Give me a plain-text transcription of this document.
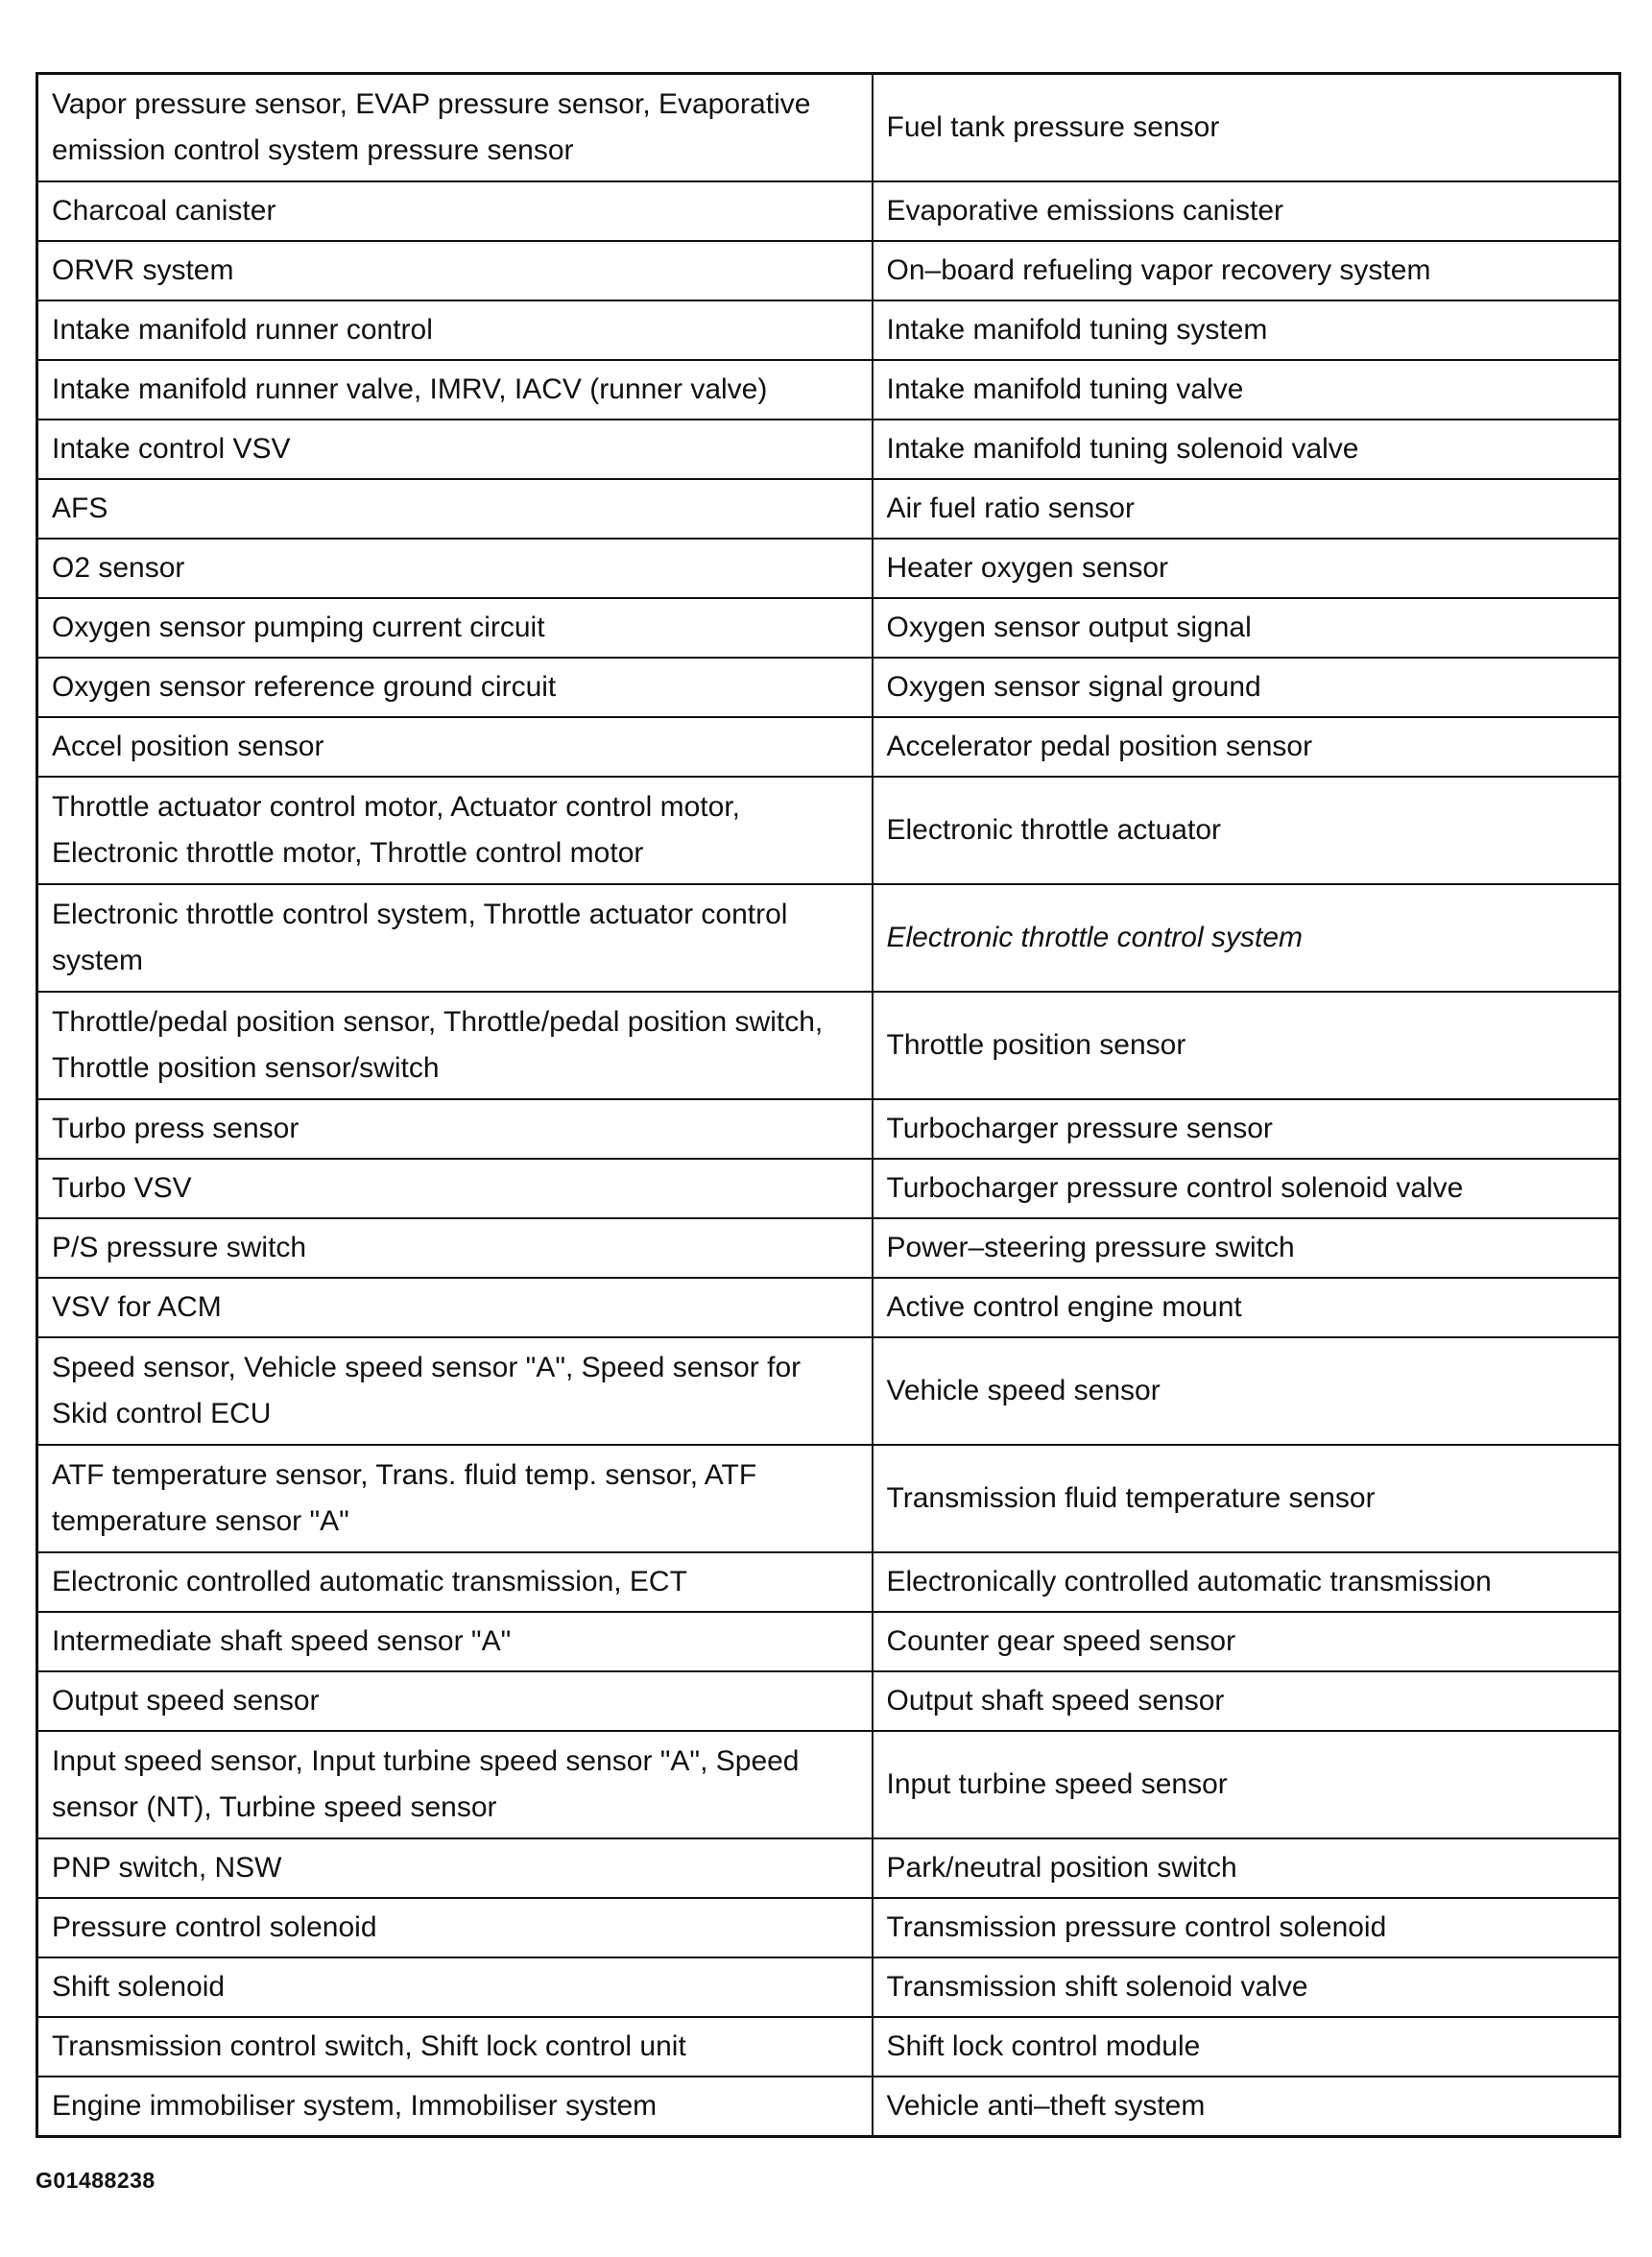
Vapor pressure sensor, EVAP pressure sensor, Evaporative emission control system pressure sensor	Fuel tank pressure sensor
Charcoal canister	Evaporative emissions canister
ORVR system	On–board refueling vapor recovery system
Intake manifold runner control	Intake manifold tuning system
Intake manifold runner valve, IMRV, IACV (runner valve)	Intake manifold tuning valve
Intake control VSV	Intake manifold tuning solenoid valve
AFS	Air fuel ratio sensor
O2 sensor	Heater oxygen sensor
Oxygen sensor pumping current circuit	Oxygen sensor output signal
Oxygen sensor reference ground circuit	Oxygen sensor signal ground
Accel position sensor	Accelerator pedal position sensor
Throttle actuator control motor, Actuator control motor, Electronic throttle motor, Throttle control motor	Electronic throttle actuator
Electronic throttle control system, Throttle actuator control system	Electronic throttle control system
Throttle/pedal position sensor, Throttle/pedal position switch, Throttle position sensor/switch	Throttle position sensor
Turbo press sensor	Turbocharger pressure sensor
Turbo VSV	Turbocharger pressure control solenoid valve
P/S pressure switch	Power–steering pressure switch
VSV for ACM	Active control engine mount
Speed sensor, Vehicle speed sensor "A", Speed sensor for Skid control ECU	Vehicle speed sensor
ATF temperature sensor, Trans. fluid temp. sensor, ATF temperature sensor "A"	Transmission fluid temperature sensor
Electronic controlled automatic transmission, ECT	Electronically controlled automatic transmission
Intermediate shaft speed sensor "A"	Counter gear speed sensor
Output speed sensor	Output shaft speed sensor
Input speed sensor, Input turbine speed sensor "A", Speed sensor (NT), Turbine speed sensor	Input turbine speed sensor
PNP switch, NSW	Park/neutral position switch
Pressure control solenoid	Transmission pressure control solenoid
Shift solenoid	Transmission shift solenoid valve
Transmission control switch, Shift lock control unit	Shift lock control module
Engine immobiliser system, Immobiliser system	Vehicle anti–theft system
G01488238
